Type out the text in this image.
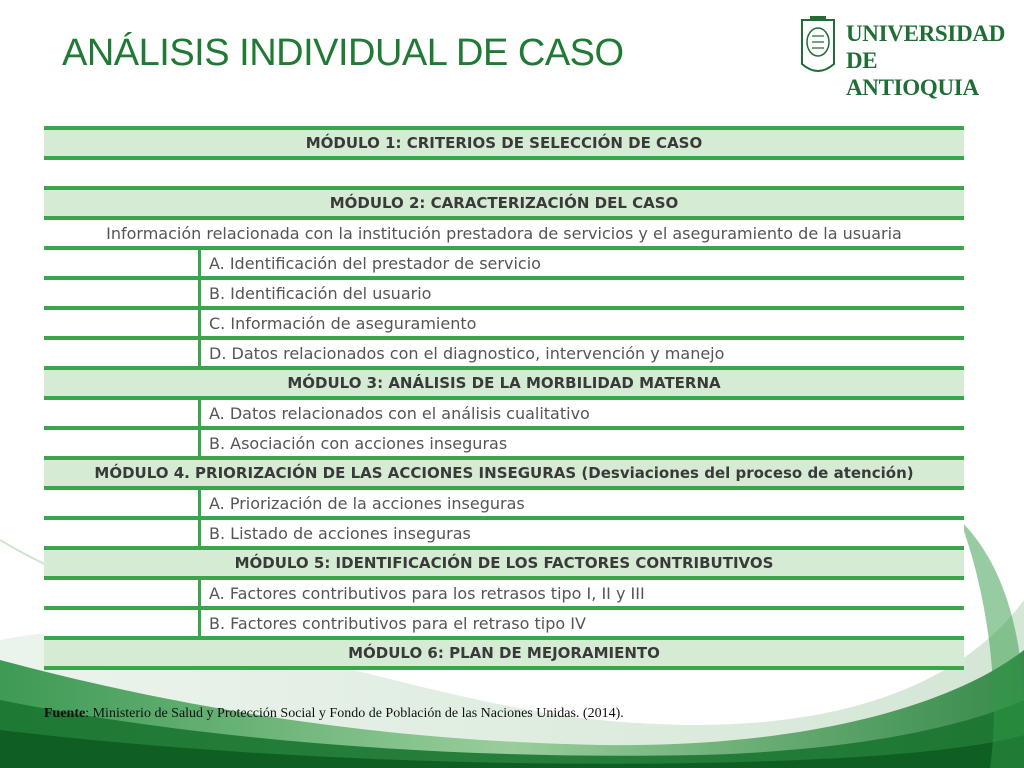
ANÁLISIS INDIVIDUAL DE CASO	UNIVERSIDAD
DE ANTIOQUIA
MÓDULO 1: CRITERIOS DE SELECCIÓN DE CASO
MÓDULO 2: CARACTERIZACIÓN DEL CASO
Información relacionada con la institución prestadora de servicios y el aseguramiento de la usuaria
A. Identificación del prestador de servicio
B. Identificación del usuario
C. Información de aseguramiento
D. Datos relacionados con el diagnostico, intervención y manejo
MÓDULO 3: ANÁLISIS DE LA MORBILIDAD MATERNA
A. Datos relacionados con el análisis cualitativo
B. Asociación con acciones inseguras
MÓDULO 4. PRIORIZACIÓN DE LAS ACCIONES INSEGURAS (Desviaciones del proceso de atención)
A. Priorización de la acciones inseguras
B. Listado de acciones inseguras
MÓDULO 5: IDENTIFICACIÓN DE LOS FACTORES CONTRIBUTIVOS
A. Factores contributivos para los retrasos tipo I, II y III
B. Factores contributivos para el retraso tipo IV
MÓDULO 6: PLAN DE MEJORAMIENTO
Fuente: Ministerio de Salud y Protección Social y Fondo de Población de las Naciones Unidas. (2014).
